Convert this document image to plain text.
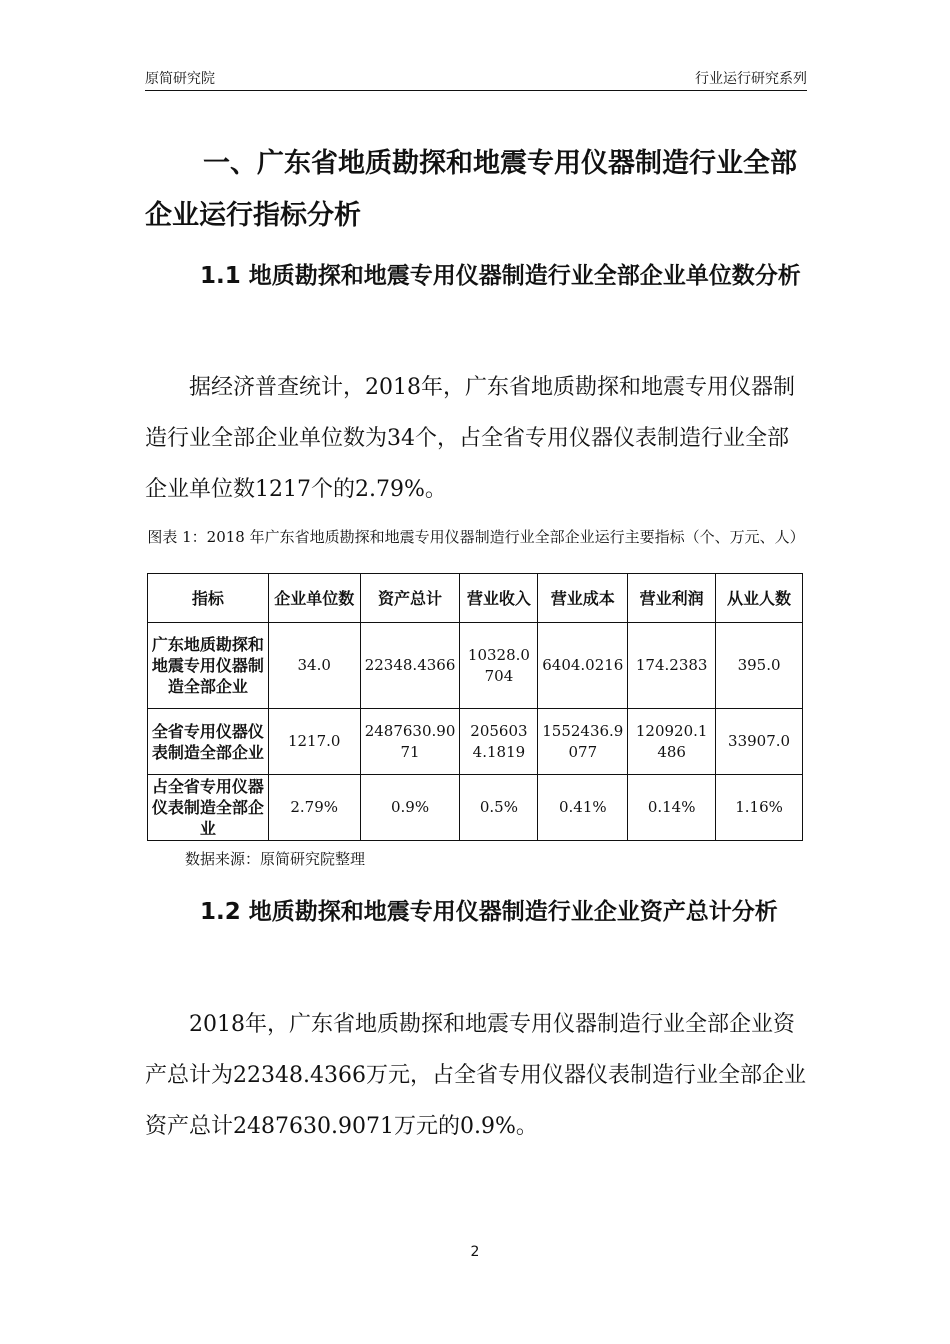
原简研究院	行业运行研究系列
一、广东省地质勘探和地震专用仪器制造行业全部企业运行指标分析
1.1 地质勘探和地震专用仪器制造行业全部企业单位数分析

据经济普查统计，2018年，广东省地质勘探和地震专用仪器制造行业全部企业单位数为34个，占全省专用仪器仪表制造行业全部企业单位数1217个的2.79%。

图表 1：2018 年广东省地质勘探和地震专用仪器制造行业全部企业运行主要指标（个、万元、人）
指标	企业单位数	资产总计	营业收入	营业成本	营业利润	从业人数
广东地质勘探和地震专用仪器制造全部企业	34.0	22348.4366	10328.0704	6404.0216	174.2383	395.0
全省专用仪器仪表制造全部企业	1217.0	2487630.9071	2056034.1819	1552436.9077	120920.1486	33907.0
占全省专用仪器仪表制造全部企业	2.79%	0.9%	0.5%	0.41%	0.14%	1.16%
数据来源：原简研究院整理
1.2 地质勘探和地震专用仪器制造行业企业资产总计分析

2018年，广东省地质勘探和地震专用仪器制造行业全部企业资产总计为22348.4366万元，占全省专用仪器仪表制造行业全部企业资产总计2487630.9071万元的0.9%。

2
